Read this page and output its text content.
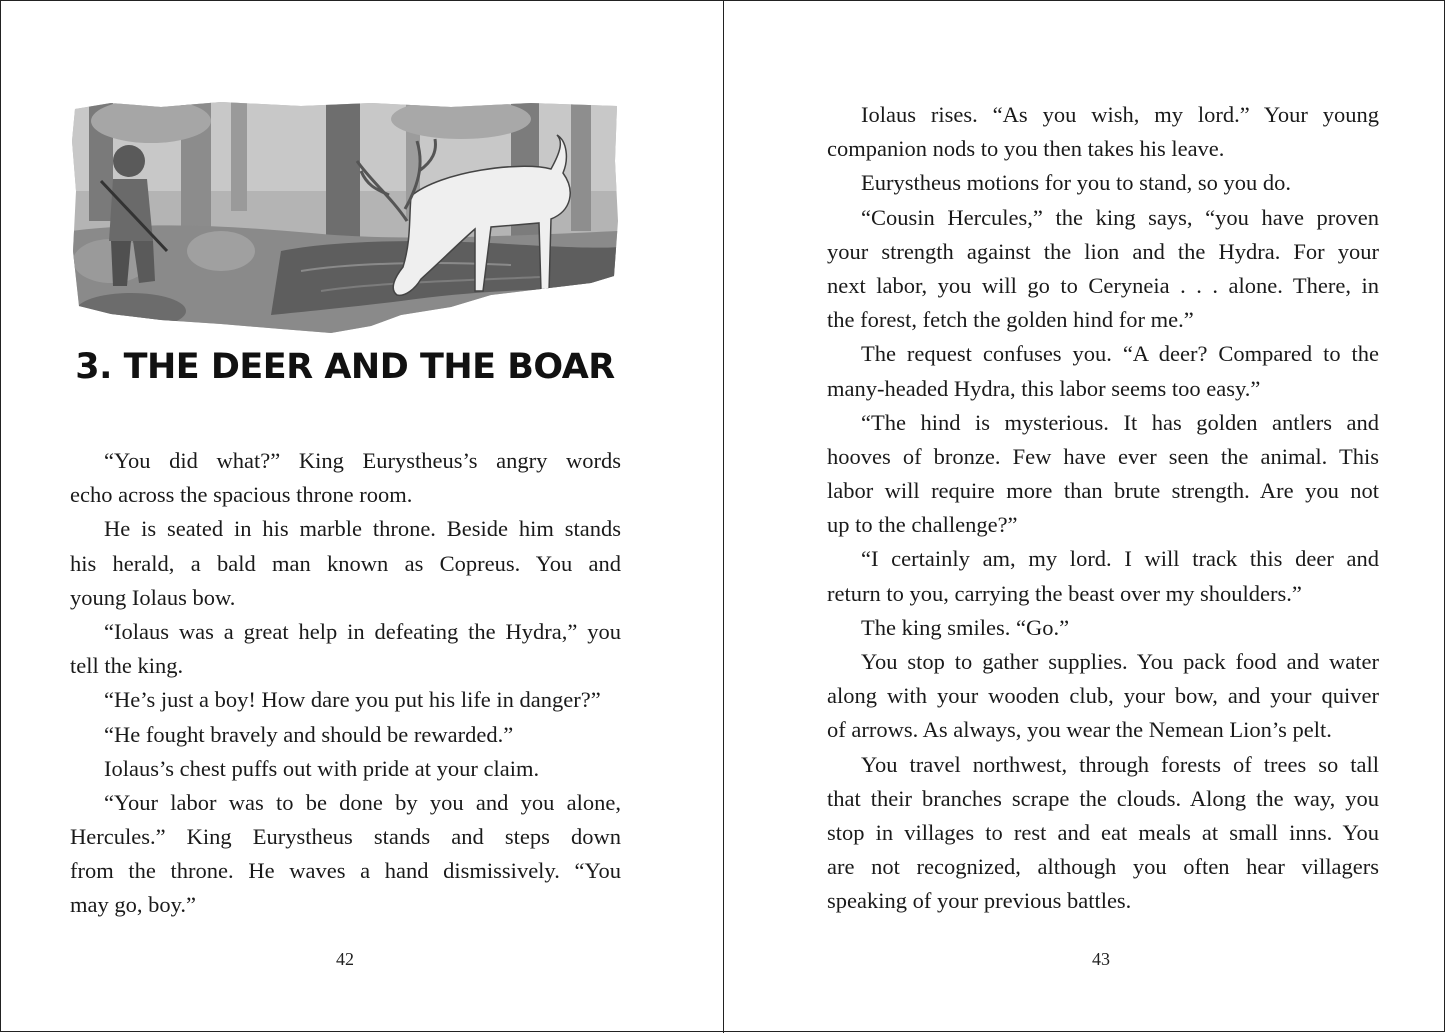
3. THE DEER AND THE BOAR
“You did what?” King Eurystheus’s angry words
echo across the spacious throne room.
He is seated in his marble throne. Beside him stands
his herald, a bald man known as Copreus. You and
young Iolaus bow.
“Iolaus was a great help in defeating the Hydra,” you
tell the king.
“He’s just a boy! How dare you put his life in danger?”
“He fought bravely and should be rewarded.”
Iolaus’s chest puffs out with pride at your claim.
“Your labor was to be done by you and you alone,
Hercules.” King Eurystheus stands and steps down
from the throne. He waves a hand dismissively. “You
may go, boy.”
42
Iolaus rises. “As you wish, my lord.” Your young
companion nods to you then takes his leave.
Eurystheus motions for you to stand, so you do.
“Cousin Hercules,” the king says, “you have proven
your strength against the lion and the Hydra. For your
next labor, you will go to Ceryneia . . . alone. There, in
the forest, fetch the golden hind for me.”
The request confuses you. “A deer? Compared to the
many-headed Hydra, this labor seems too easy.”
“The hind is mysterious. It has golden antlers and
hooves of bronze. Few have ever seen the animal. This
labor will require more than brute strength. Are you not
up to the challenge?”
“I certainly am, my lord. I will track this deer and
return to you, carrying the beast over my shoulders.”
The king smiles. “Go.”
You stop to gather supplies. You pack food and water
along with your wooden club, your bow, and your quiver
of arrows. As always, you wear the Nemean Lion’s pelt.
You travel northwest, through forests of trees so tall
that their branches scrape the clouds. Along the way, you
stop in villages to rest and eat meals at small inns. You
are not recognized, although you often hear villagers
speaking of your previous battles.
43
